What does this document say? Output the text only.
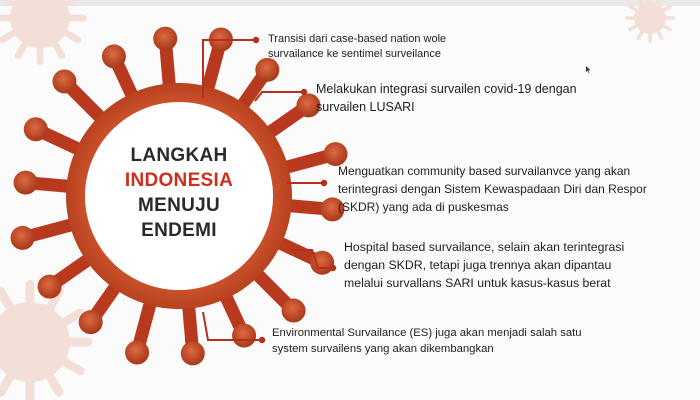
LANGKAH
INDONESIA
MENUJU
ENDEMI
Transisi dari case-based nation wole
survailance ke sentimel surveilance
Melakukan integrasi survailen covid-19 dengan
survailen LUSARI
Menguatkan community based survailanvce yang akan
terintegrasi dengan Sistem Kewaspadaan Diri dan Respor
(SKDR) yang ada di puskesmas
Hospital based survailance, selain akan terintegrasi
dengan SKDR, tetapi juga trennya akan dipantau
melalui survallans SARI untuk kasus-kasus berat
Environmental Survailance (ES) juga akan menjadi salah satu
system survailens yang akan dikembangkan
